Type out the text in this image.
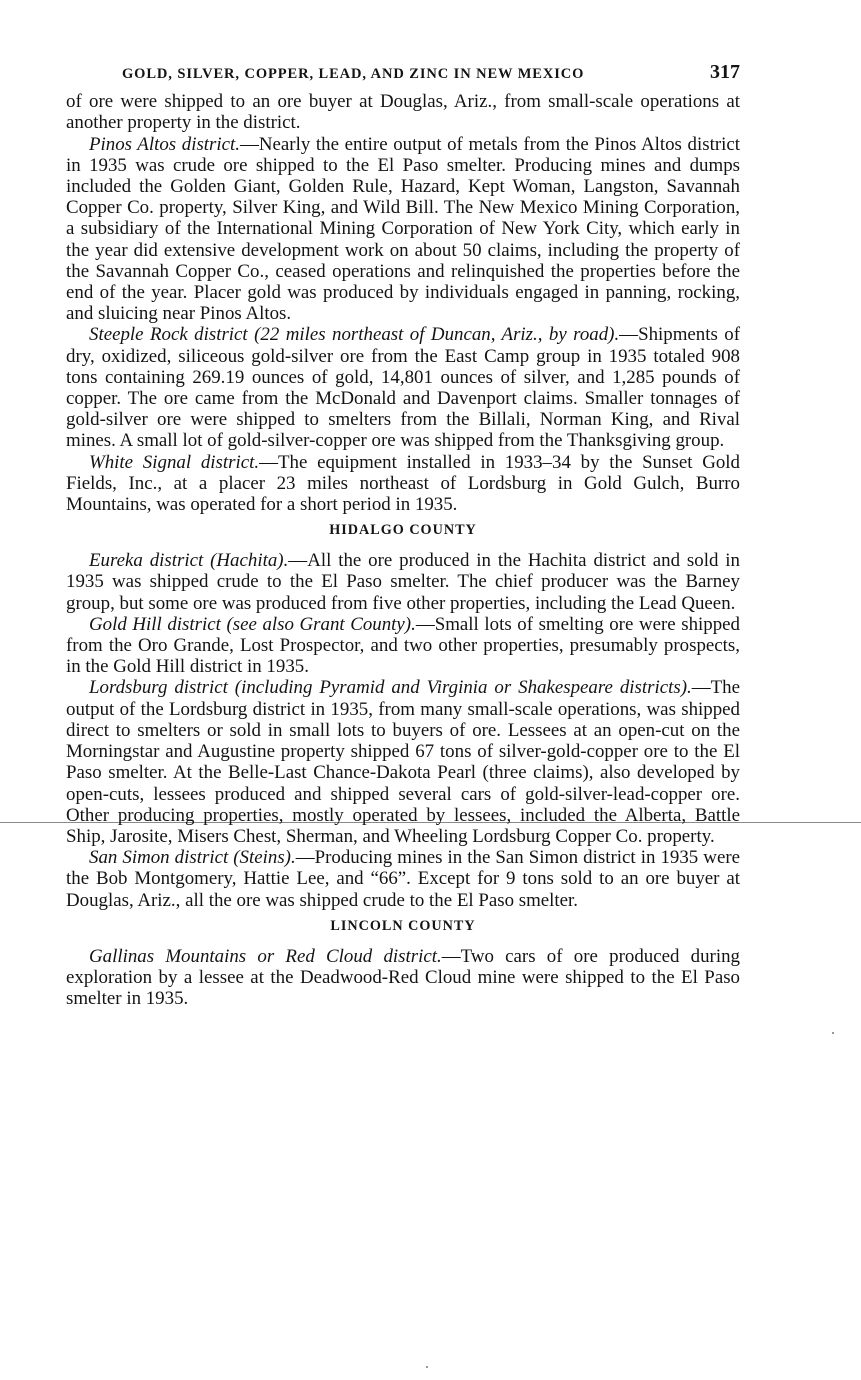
GOLD, SILVER, COPPER, LEAD, AND ZINC IN NEW MEXICO	317

of ore were shipped to an ore buyer at Douglas, Ariz., from small-scale operations at another property in the district.

Pinos Altos district.—Nearly the entire output of metals from the Pinos Altos district in 1935 was crude ore shipped to the El Paso smelter. Producing mines and dumps included the Golden Giant, Golden Rule, Hazard, Kept Woman, Langston, Savannah Copper Co. property, Silver King, and Wild Bill. The New Mexico Mining Corporation, a subsidiary of the International Mining Corporation of New York City, which early in the year did extensive development work on about 50 claims, including the property of the Savannah Copper Co., ceased operations and relinquished the properties before the end of the year. Placer gold was produced by individuals engaged in panning, rocking, and sluicing near Pinos Altos.

Steeple Rock district (22 miles northeast of Duncan, Ariz., by road).—Shipments of dry, oxidized, siliceous gold-silver ore from the East Camp group in 1935 totaled 908 tons containing 269.19 ounces of gold, 14,801 ounces of silver, and 1,285 pounds of copper. The ore came from the McDonald and Davenport claims. Smaller tonnages of gold-silver ore were shipped to smelters from the Billali, Norman King, and Rival mines. A small lot of gold-silver-copper ore was shipped from the Thanksgiving group.

White Signal district.—The equipment installed in 1933–34 by the Sunset Gold Fields, Inc., at a placer 23 miles northeast of Lordsburg in Gold Gulch, Burro Mountains, was operated for a short period in 1935.

HIDALGO COUNTY

Eureka district (Hachita).—All the ore produced in the Hachita district and sold in 1935 was shipped crude to the El Paso smelter. The chief producer was the Barney group, but some ore was produced from five other properties, including the Lead Queen.

Gold Hill district (see also Grant County).—Small lots of smelting ore were shipped from the Oro Grande, Lost Prospector, and two other properties, presumably prospects, in the Gold Hill district in 1935.

Lordsburg district (including Pyramid and Virginia or Shakespeare districts).—The output of the Lordsburg district in 1935, from many small-scale operations, was shipped direct to smelters or sold in small lots to buyers of ore. Lessees at an open-cut on the Morningstar and Augustine property shipped 67 tons of silver-gold-copper ore to the El Paso smelter. At the Belle-Last Chance-Dakota Pearl (three claims), also developed by open-cuts, lessees produced and shipped several cars of gold-silver-lead-copper ore. Other producing properties, mostly operated by lessees, included the Alberta, Battle Ship, Jarosite, Misers Chest, Sherman, and Wheeling Lordsburg Copper Co. property.

San Simon district (Steins).—Producing mines in the San Simon district in 1935 were the Bob Montgomery, Hattie Lee, and “66”. Except for 9 tons sold to an ore buyer at Douglas, Ariz., all the ore was shipped crude to the El Paso smelter.

LINCOLN COUNTY

Gallinas Mountains or Red Cloud district.—Two cars of ore produced during exploration by a lessee at the Deadwood-Red Cloud mine were shipped to the El Paso smelter in 1935.
